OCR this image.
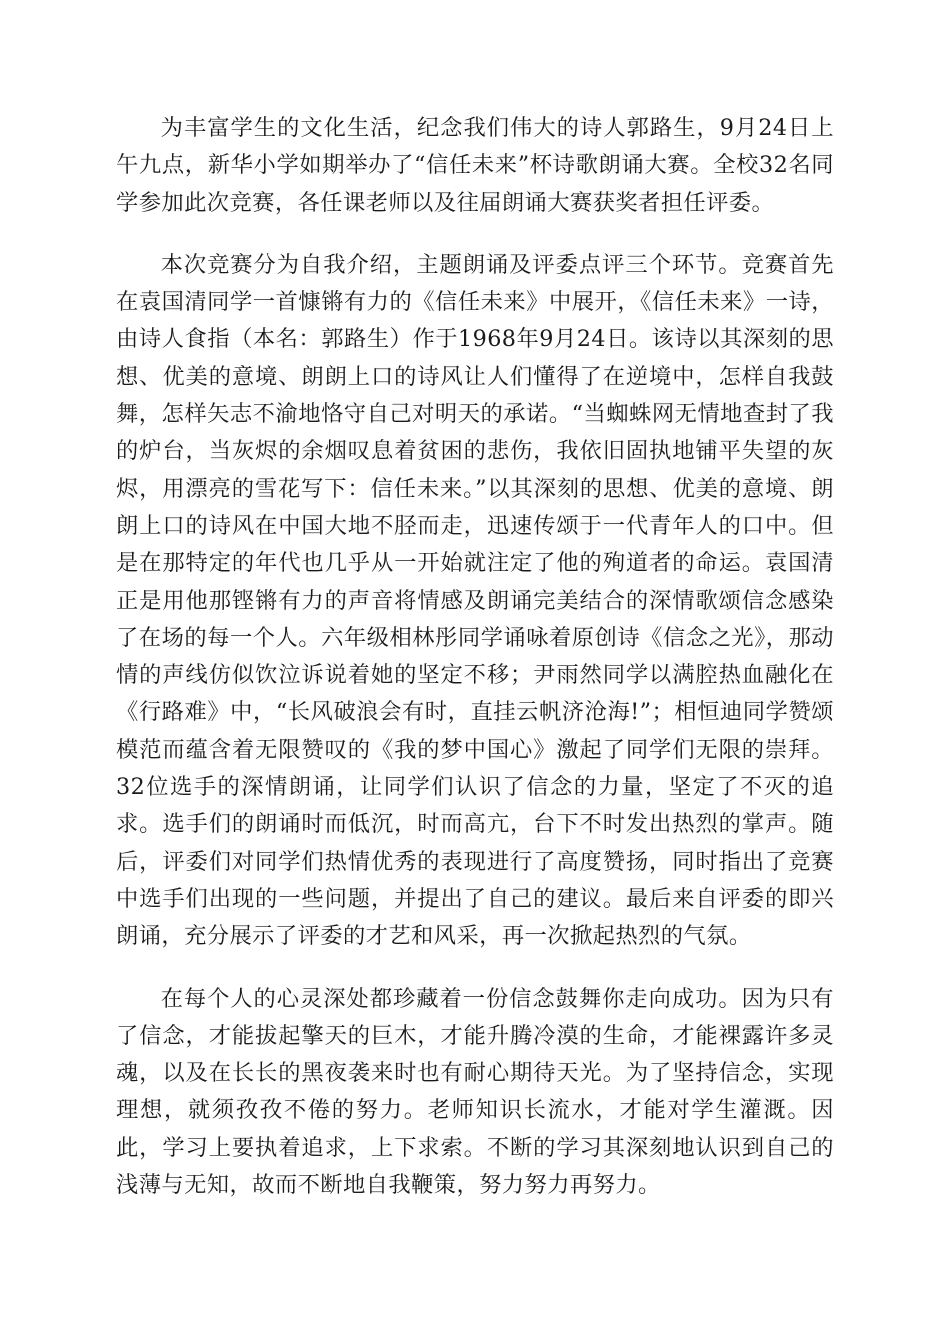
为丰富学生的文化生活，纪念我们伟大的诗人郭路生，9月24日上午九点，新华小学如期举办了“信任未来”杯诗歌朗诵大赛。全校32名同学参加此次竞赛，各任课老师以及往届朗诵大赛获奖者担任评委。

本次竞赛分为自我介绍，主题朗诵及评委点评三个环节。竞赛首先在袁国清同学一首慷锵有力的《信任未来》中展开，《信任未来》一诗，由诗人食指（本名：郭路生）作于1968年9月24日。该诗以其深刻的思想、优美的意境、朗朗上口的诗风让人们懂得了在逆境中，怎样自我鼓舞，怎样矢志不渝地恪守自己对明天的承诺。“当蜘蛛网无情地查封了我的炉台，当灰烬的余烟叹息着贫困的悲伤，我依旧固执地铺平失望的灰烬，用漂亮的雪花写下：信任未来。”以其深刻的思想、优美的意境、朗朗上口的诗风在中国大地不胫而走，迅速传颂于一代青年人的口中。但是在那特定的年代也几乎从一开始就注定了他的殉道者的命运。袁国清正是用他那铿锵有力的声音将情感及朗诵完美结合的深情歌颂信念感染了在场的每一个人。六年级相林彤同学诵咏着原创诗《信念之光》，那动情的声线仿似饮泣诉说着她的坚定不移；尹雨然同学以满腔热血融化在《行路难》中，“长风破浪会有时，直挂云帆济沧海!”；相恒迪同学赞颂模范而蕴含着无限赞叹的《我的梦中国心》激起了同学们无限的崇拜。32位选手的深情朗诵，让同学们认识了信念的力量，坚定了不灭的追求。选手们的朗诵时而低沉，时而高亢，台下不时发出热烈的掌声。随后，评委们对同学们热情优秀的表现进行了高度赞扬，同时指出了竞赛中选手们出现的一些问题，并提出了自己的建议。最后来自评委的即兴朗诵，充分展示了评委的才艺和风采，再一次掀起热烈的气氛。

在每个人的心灵深处都珍藏着一份信念鼓舞你走向成功。因为只有了信念，才能拔起擎天的巨木，才能升腾冷漠的生命，才能裸露许多灵魂，以及在长长的黑夜袭来时也有耐心期待天光。为了坚持信念，实现理想，就须孜孜不倦的努力。老师知识长流水，才能对学生灌溉。因此，学习上要执着追求，上下求索。不断的学习其深刻地认识到自己的浅薄与无知，故而不断地自我鞭策，努力努力再努力。
